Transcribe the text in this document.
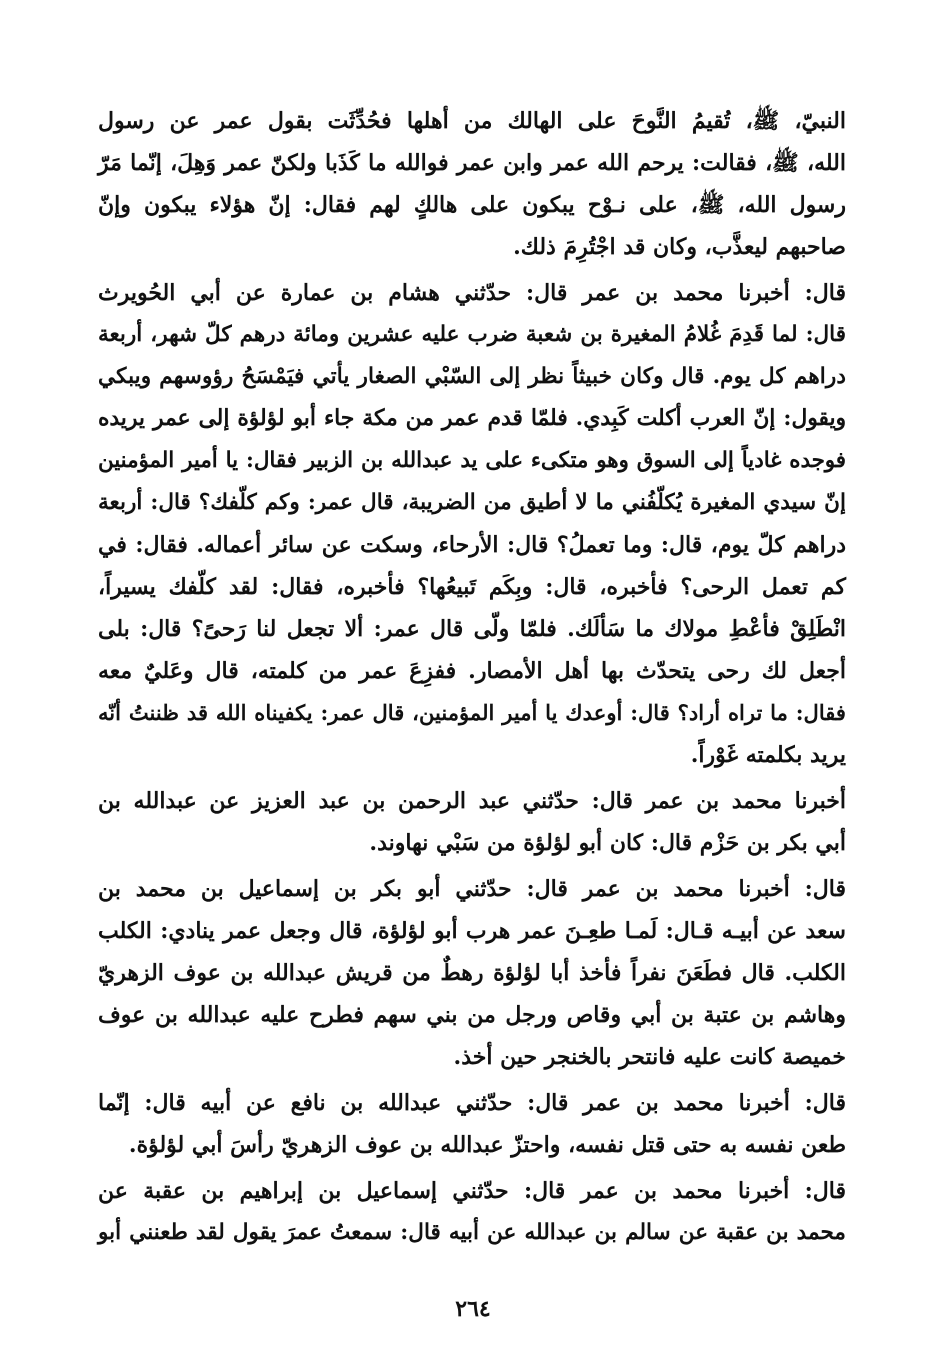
النبيّ، ﷺ، تُقيمُ النَّوحَ على الهالك من أهلها فحُدِّثَت بقول عمر عن رسول
الله، ﷺ، فقالت: يرحم الله عمر وابن عمر فوالله ما كَذَبا ولكنّ عمر وَهِلَ، إنّما مَرّ
رسول الله، ﷺ، على نـوْح يبكون على هالكٍ لهم فقال: إنّ هؤلاء يبكون وإنّ
صاحبهم ليعذَّب، وكان قد اجْتُرِمَ ذلك.
قال: أخبرنا محمد بن عمر قال: حدّثني هشام بن عمارة عن أبي الحُويرث
قال: لما قَدِمَ غُلامُ المغيرة بن شعبة ضرب عليه عشرين ومائة درهم كلّ شهر، أربعة
دراهم كل يوم. قال وكان خبيثاً نظر إلى السّبْي الصغار يأتي فيَمْسَحُ رؤوسهم ويبكي
ويقول: إنّ العرب أكلت كَبِدي. فلمّا قدم عمر من مكة جاء أبو لؤلؤة إلى عمر يريده
فوجده غادياً إلى السوق وهو متكىء على يد عبدالله بن الزبير فقال: يا أمير المؤمنين
إنّ سيدي المغيرة يُكلّفُني ما لا أطيق من الضريبة، قال عمر: وكم كلّفك؟ قال: أربعة
دراهم كلّ يوم، قال: وما تعملُ؟ قال: الأرحاء، وسكت عن سائر أعماله. فقال: في
كم تعمل الرحى؟ فأخبره، قال: وبِكَم تَبيعُها؟ فأخبره، فقال: لقد كلّفك يسيراً،
انْطَلِقْ فأعْطِ مولاك ما سَألَك. فلمّا ولّى قال عمر: ألا تجعل لنا رَحىً؟ قال: بلى
أجعل لك رحى يتحدّث بها أهل الأمصار. ففزِعَ عمر من كلمته، قال وعَليٌ معه
فقال: ما تراه أراد؟ قال: أوعدك يا أمير المؤمنين، قال عمر: يكفيناه الله قد ظننتُ أنّه
يريد بكلمته غَوْراً.
أخبرنا محمد بن عمر قال: حدّثني عبد الرحمن بن عبد العزيز عن عبدالله بن
أبي بكر بن حَزْم قال: كان أبو لؤلؤة من سَبْي نهاوند.
قال: أخبرنا محمد بن عمر قال: حدّثني أبو بكر بن إسماعيل بن محمد بن
سعد عن أبيـه قـال: لَمـا طعِـنَ عمر هرب أبو لؤلؤة، قال وجعل عمر ينادي: الكلب
الكلب. قال فطَعَنَ نفراً فأخذ أبا لؤلؤة رهطٌ من قريش عبدالله بن عوف الزهريّ
وهاشم بن عتبة بن أبي وقاص ورجل من بني سهم فطرح عليه عبدالله بن عوف
خميصة كانت عليه فانتحر بالخنجر حين أخذ.
قال: أخبرنا محمد بن عمر قال: حدّثني عبدالله بن نافع عن أبيه قال: إنّما
طعن نفسه به حتى قتل نفسه، واحتزّ عبدالله بن عوف الزهريّ رأسَ أبي لؤلؤة.
قال: أخبرنا محمد بن عمر قال: حدّثني إسماعيل بن إبراهيم بن عقبة عن
محمد بن عقبة عن سالم بن عبدالله عن أبيه قال: سمعتُ عمرَ يقول لقد طعنني أبو
٢٦٤
